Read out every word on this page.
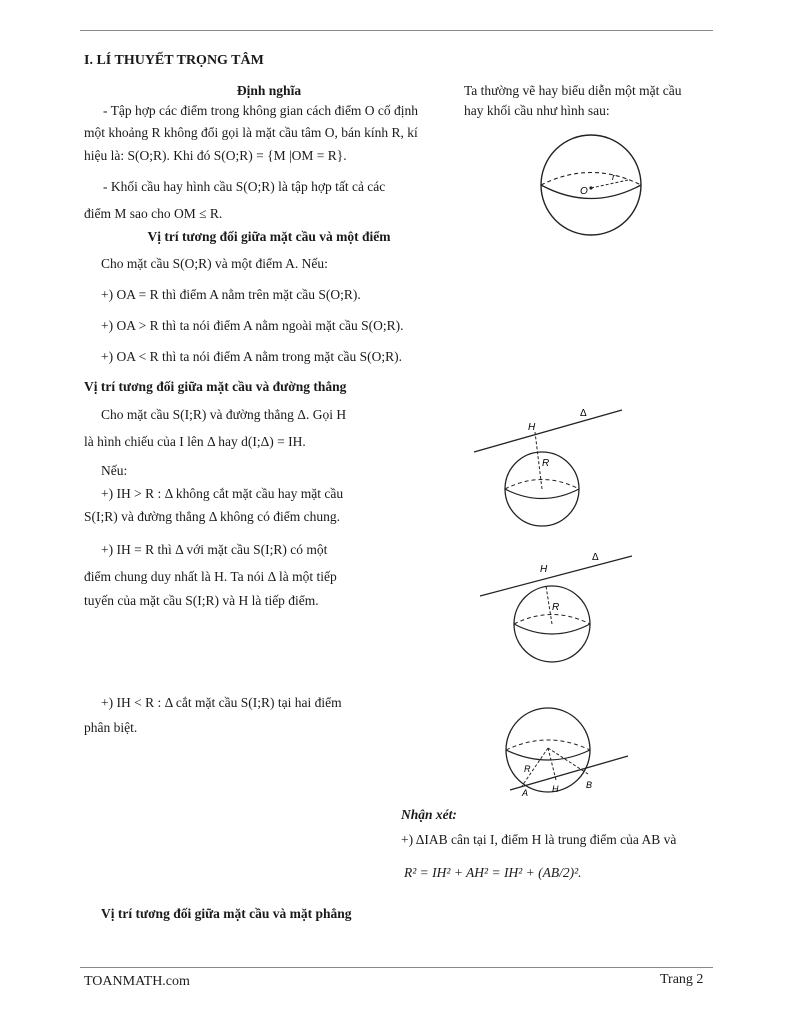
I. LÍ THUYẾT TRỌNG TÂM
Định nghĩa
- Tập hợp các điểm trong không gian cách điểm O cố định
một khoảng R không đổi gọi là mặt cầu tâm O, bán kính R, kí
hiệu là: S(O;R). Khi đó S(O;R) = {M |OM = R}.
- Khối cầu hay hình cầu S(O;R) là tập hợp tất cả các
điểm M sao cho OM ≤ R.
Ta thường vẽ hay biểu diễn một mặt cầu
hay khối cầu như hình sau:
O
r
Vị trí tương đối giữa mặt cầu và một điểm
Cho mặt cầu S(O;R) và một điểm A. Nếu:
+) OA = R thì điểm A nằm trên mặt cầu S(O;R).
+) OA > R thì ta nói điểm A nằm ngoài mặt cầu S(O;R).
+) OA < R thì ta nói điểm A nằm trong mặt cầu S(O;R).
Vị trí tương đối giữa mặt cầu và đường thẳng
Cho mặt cầu S(I;R) và đường thẳng Δ. Gọi H
là hình chiếu của I lên Δ hay d(I;Δ) = IH.
Nếu:
+) IH > R : Δ không cắt mặt cầu hay mặt cầu
S(I;R) và đường thẳng Δ không có điểm chung.
+) IH = R thì Δ với mặt cầu S(I;R) có một
điểm chung duy nhất là H. Ta nói Δ là một tiếp
tuyến của mặt cầu S(I;R) và H là tiếp điểm.
+) IH < R : Δ cắt mặt cầu S(I;R) tại hai điểm
phân biệt.
H
Δ
R
H
Δ
R
A
B
H
R
Nhận xét:
+) ΔIAB cân tại I, điểm H là trung điểm của AB và
R² = IH² + AH² = IH² + (AB/2)².
Vị trí tương đối giữa mặt cầu và mặt phẳng
TOANMATH.com	Trang 2
